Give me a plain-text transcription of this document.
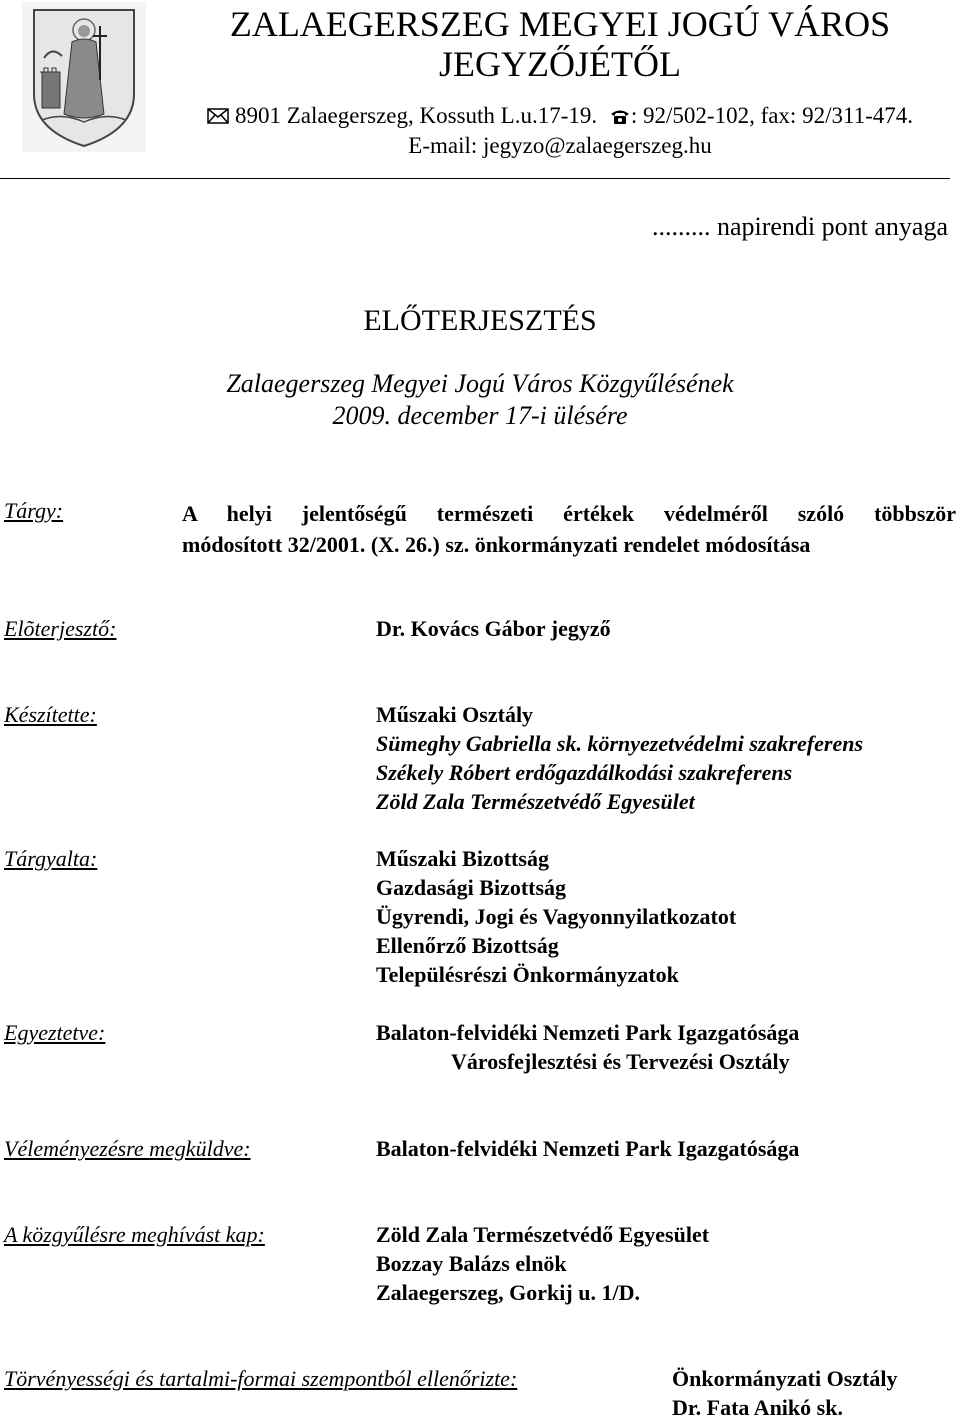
ZALAEGERSZEG MEGYEI JOGÚ VÁROS
JEGYZŐJÉTŐL
8901 Zalaegerszeg, Kossuth L.u.17-19. : 92/502-102, fax: 92/311-474.
E-mail: jegyzo@zalaegerszeg.hu
......... napirendi pont anyaga
ELŐTERJESZTÉS
Zalaegerszeg Megyei Jogú Város Közgyűlésének
2009. december 17-i ülésére
Tárgy:	A helyi jelentőségű természeti értékek védelméről szóló többször
módosított 32/2001. (X. 26.) sz. önkormányzati rendelet módosítása
Elõterjesztő:	Dr. Kovács Gábor jegyző
Készítette:	Műszaki Osztály
Sümeghy Gabriella sk. környezetvédelmi szakreferens
Székely Róbert erdőgazdálkodási szakreferens
Zöld Zala Természetvédő Egyesület
Tárgyalta:	Műszaki Bizottság
Gazdasági Bizottság
Ügyrendi, Jogi és Vagyonnyilatkozatot
Ellenőrző Bizottság
Településrészi Önkormányzatok
Egyeztetve:	Balaton-felvidéki Nemzeti Park Igazgatósága
Városfejlesztési és Tervezési Osztály
Véleményezésre megküldve:	Balaton-felvidéki Nemzeti Park Igazgatósága
A közgyűlésre meghívást kap:	Zöld Zala Természetvédő Egyesület
Bozzay Balázs elnök
Zalaegerszeg, Gorkij u. 1/D.
Törvényességi és tartalmi-formai szempontból ellenőrizte:	Önkormányzati Osztály
Dr. Fata Anikó sk.
